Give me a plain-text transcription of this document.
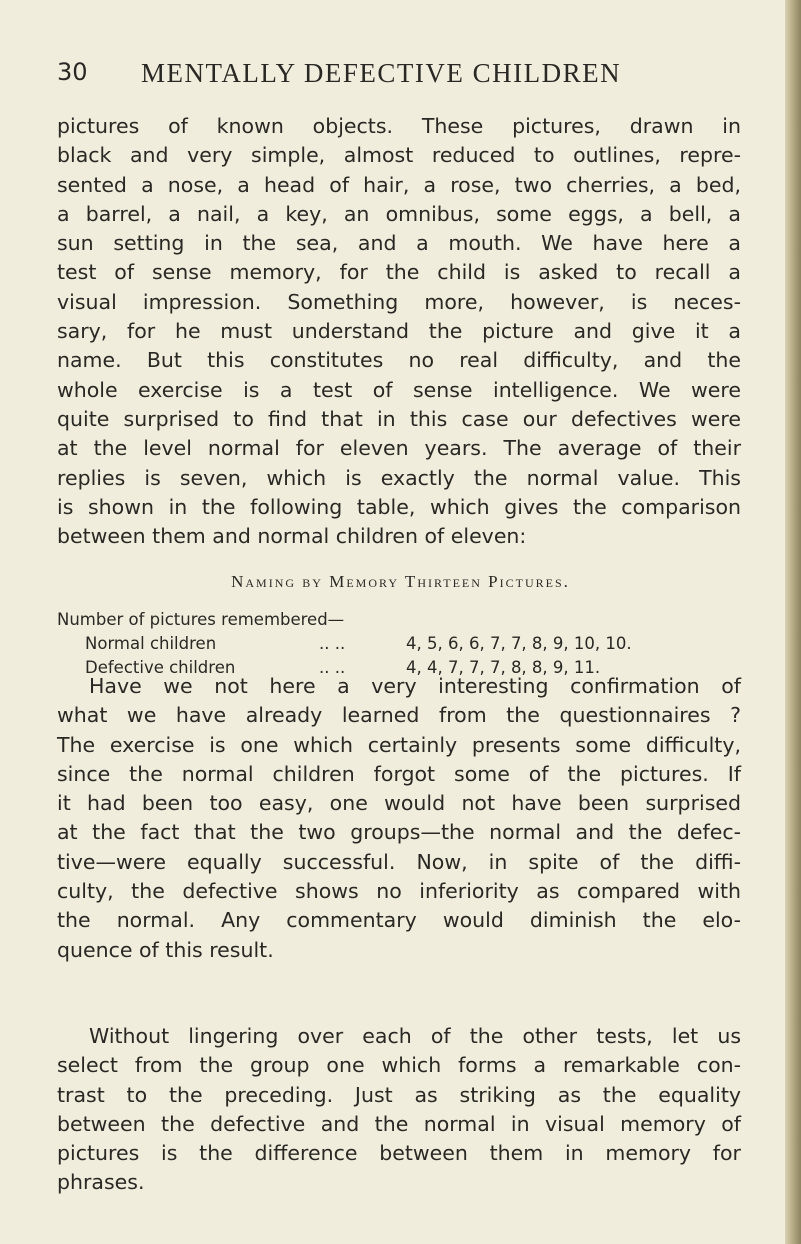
30 MENTALLY DEFECTIVE CHILDREN
pictures of known objects. These pictures, drawn in
black and very simple, almost reduced to outlines, repre-
sented a nose, a head of hair, a rose, two cherries, a bed,
a barrel, a nail, a key, an omnibus, some eggs, a bell, a
sun setting in the sea, and a mouth. We have here a
test of sense memory, for the child is asked to recall a
visual impression. Something more, however, is neces-
sary, for he must understand the picture and give it a
name. But this constitutes no real difficulty, and the
whole exercise is a test of sense intelligence. We were
quite surprised to find that in this case our defectives were
at the level normal for eleven years. The average of their
replies is seven, which is exactly the normal value. This
is shown in the following table, which gives the comparison
between them and normal children of eleven:
Naming by Memory Thirteen Pictures.
Number of pictures remembered—
Normal children	.. ..	4, 5, 6, 6, 7, 7, 8, 9, 10, 10.
Defective children	.. ..	4, 4, 7, 7, 7, 8, 8, 9, 11.
Have we not here a very interesting confirmation of
what we have already learned from the questionnaires ?
The exercise is one which certainly presents some difficulty,
since the normal children forgot some of the pictures. If
it had been too easy, one would not have been surprised
at the fact that the two groups—the normal and the defec-
tive—were equally successful. Now, in spite of the diffi-
culty, the defective shows no inferiority as compared with
the normal. Any commentary would diminish the elo-
quence of this result.
Without lingering over each of the other tests, let us
select from the group one which forms a remarkable con-
trast to the preceding. Just as striking as the equality
between the defective and the normal in visual memory of
pictures is the difference between them in memory for
phrases.
